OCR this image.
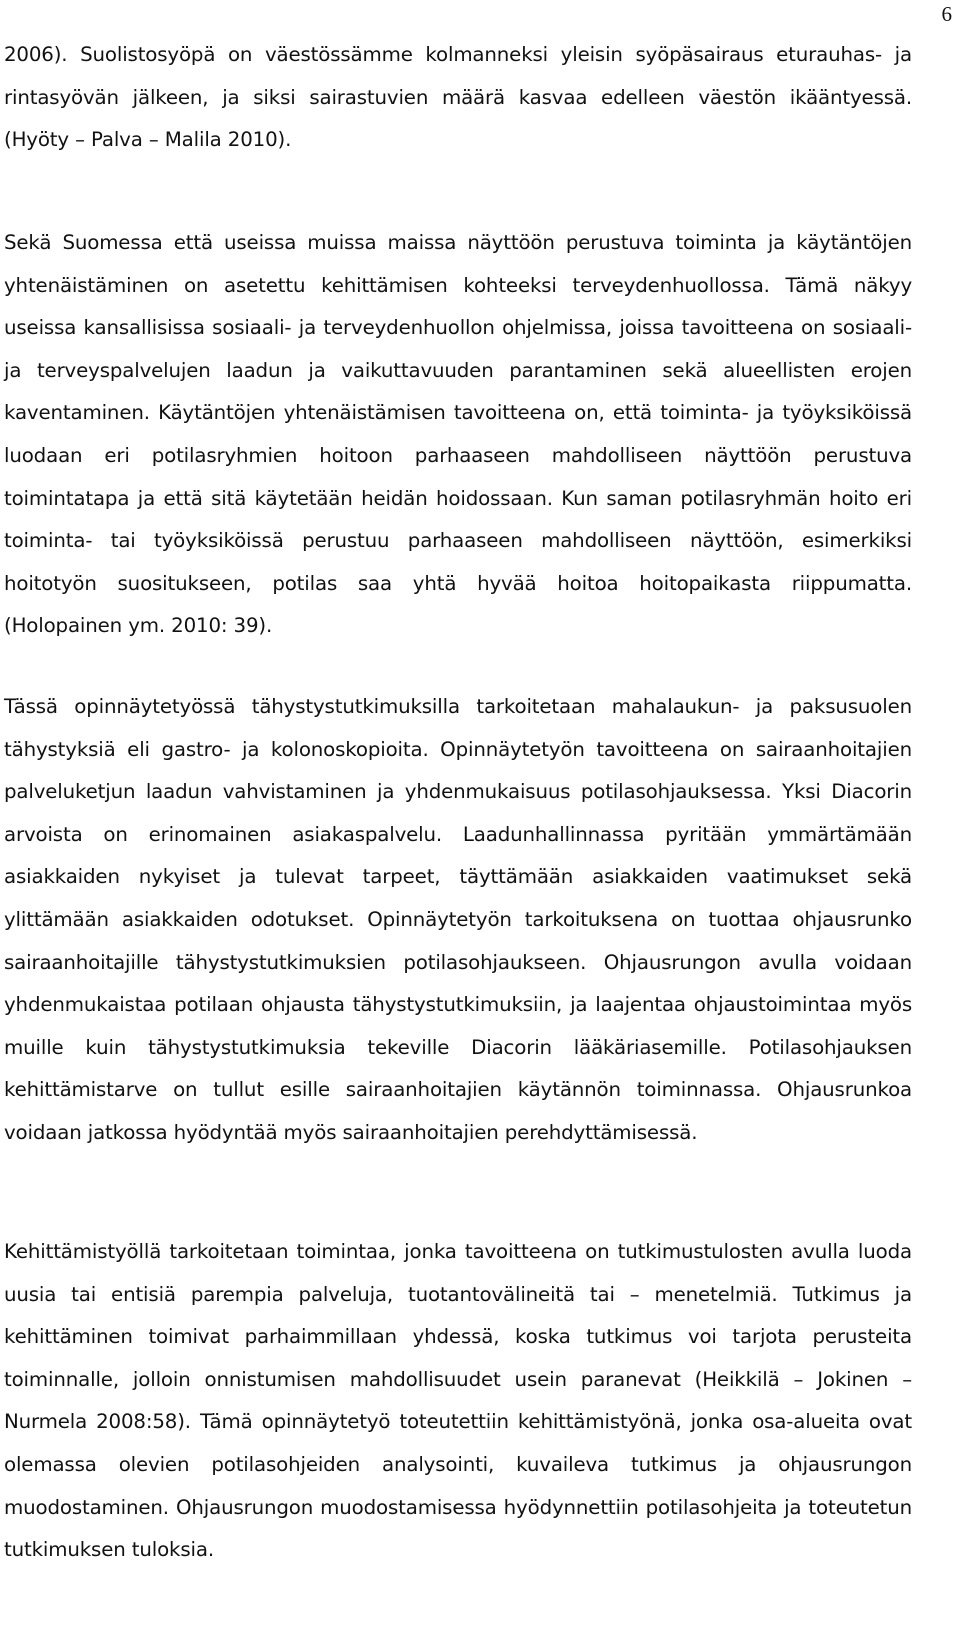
6

2006). Suolistosyöpä on väestössämme kolmanneksi yleisin syöpäsairaus eturauhas- ja rintasyövän jälkeen, ja siksi sairastuvien määrä kasvaa edelleen väestön ikääntyessä. (Hyöty – Palva – Malila 2010).

Sekä Suomessa että useissa muissa maissa näyttöön perustuva toiminta ja käytäntöjen yhtenäistäminen on asetettu kehittämisen kohteeksi terveydenhuollossa. Tämä näkyy useissa kansallisissa sosiaali- ja terveydenhuollon ohjelmissa, joissa tavoitteena on sosiaali- ja terveyspalvelujen laadun ja vaikuttavuuden parantaminen sekä alueellisten erojen kaventaminen. Käytäntöjen yhtenäistämisen tavoitteena on, että toiminta- ja työyksiköissä luodaan eri potilasryhmien hoitoon parhaaseen mahdolliseen näyttöön perustuva toimintatapa ja että sitä käytetään heidän hoidossaan. Kun saman potilasryhmän hoito eri toiminta- tai työyksiköissä perustuu parhaaseen mahdolliseen näyttöön, esimerkiksi hoitotyön suositukseen, potilas saa yhtä hyvää hoitoa hoitopaikasta riippumatta. (Holopainen ym. 2010: 39).

Tässä opinnäytetyössä tähystystutkimuksilla tarkoitetaan mahalaukun- ja paksusuolen tähystyksiä eli gastro- ja kolonoskopioita. Opinnäytetyön tavoitteena on sairaanhoitajien palveluketjun laadun vahvistaminen ja yhdenmukaisuus potilasohjauksessa. Yksi Diacorin arvoista on erinomainen asiakaspalvelu. Laadunhallinnassa pyritään ymmärtämään asiakkaiden nykyiset ja tulevat tarpeet, täyttämään asiakkaiden vaatimukset sekä ylittämään asiakkaiden odotukset. Opinnäytetyön tarkoituksena on tuottaa ohjausrunko sairaanhoitajille tähystystutkimuksien potilasohjaukseen. Ohjausrungon avulla voidaan yhdenmukaistaa potilaan ohjausta tähystystutkimuksiin, ja laajentaa ohjaustoimintaa myös muille kuin tähystystutkimuksia tekeville Diacorin lääkäriasemille. Potilasohjauksen kehittämistarve on tullut esille sairaanhoitajien käytännön toiminnassa. Ohjausrunkoa voidaan jatkossa hyödyntää myös sairaanhoitajien perehdyttämisessä.

Kehittämistyöllä tarkoitetaan toimintaa, jonka tavoitteena on tutkimustulosten avulla luoda uusia tai entisiä parempia palveluja, tuotantovälineitä tai – menetelmiä. Tutkimus ja kehittäminen toimivat parhaimmillaan yhdessä, koska tutkimus voi tarjota perusteita toiminnalle, jolloin onnistumisen mahdollisuudet usein paranevat (Heikkilä – Jokinen – Nurmela 2008:58). Tämä opinnäytetyö toteutettiin kehittämistyönä, jonka osa-alueita ovat olemassa olevien potilasohjeiden analysointi, kuvaileva tutkimus ja ohjausrungon muodostaminen. Ohjausrungon muodostamisessa hyödynnettiin potilasohjeita ja toteutetun tutkimuksen tuloksia.
